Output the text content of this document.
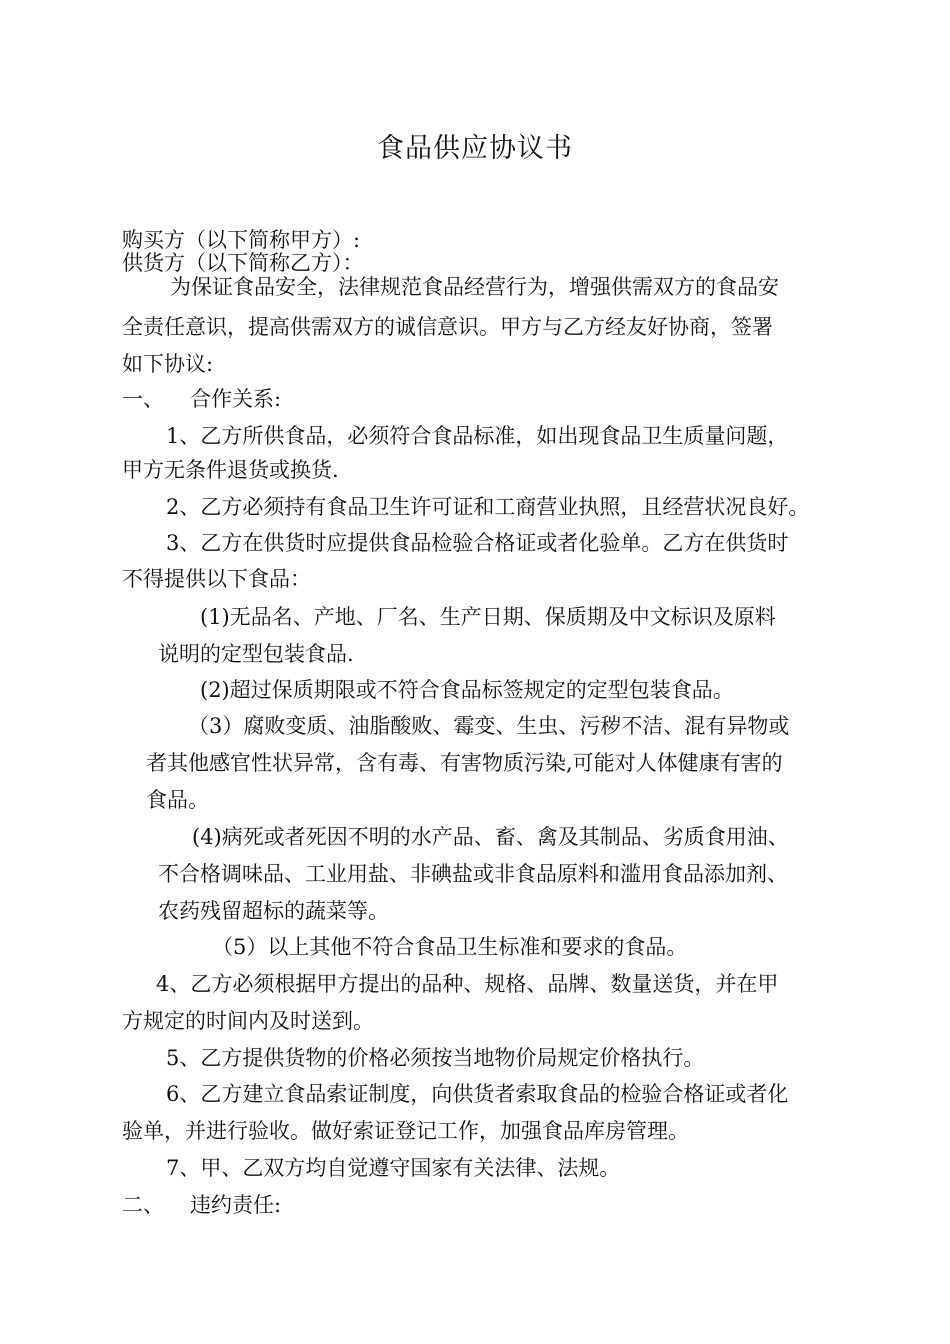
食品供应协议书
购买方（以下简称甲方）:
供货方（以下简称乙方）：
为保证食品安全，法律规范食品经营行为，增强供需双方的食品安
全责任意识，提高供需双方的诚信意识。甲方与乙方经友好协商，签署
如下协议:
一、 合作关系:
1、乙方所供食品，必须符合食品标准，如出现食品卫生质量问题，
甲方无条件退货或换货.
2、乙方必须持有食品卫生许可证和工商营业执照，且经营状况良好。
3、乙方在供货时应提供食品检验合格证或者化验单。乙方在供货时
不得提供以下食品：
(1)无品名、产地、厂名、生产日期、保质期及中文标识及原料
说明的定型包装食品.
(2)超过保质期限或不符合食品标签规定的定型包装食品。
（3）腐败变质、油脂酸败、霉变、生虫、污秽不洁、混有异物或
者其他感官性状异常，含有毒、有害物质污染,可能对人体健康有害的
食品。
(4)病死或者死因不明的水产品、畜、禽及其制品、劣质食用油、
不合格调味品、工业用盐、非碘盐或非食品原料和滥用食品添加剂、
农药残留超标的蔬菜等。
（5）以上其他不符合食品卫生标准和要求的食品。
4、乙方必须根据甲方提出的品种、规格、品牌、数量送货，并在甲
方规定的时间内及时送到。
5、乙方提供货物的价格必须按当地物价局规定价格执行。
6、乙方建立食品索证制度，向供货者索取食品的检验合格证或者化
验单，并进行验收。做好索证登记工作，加强食品库房管理。
7、甲、乙双方均自觉遵守国家有关法律、法规。
二、 违约责任:
